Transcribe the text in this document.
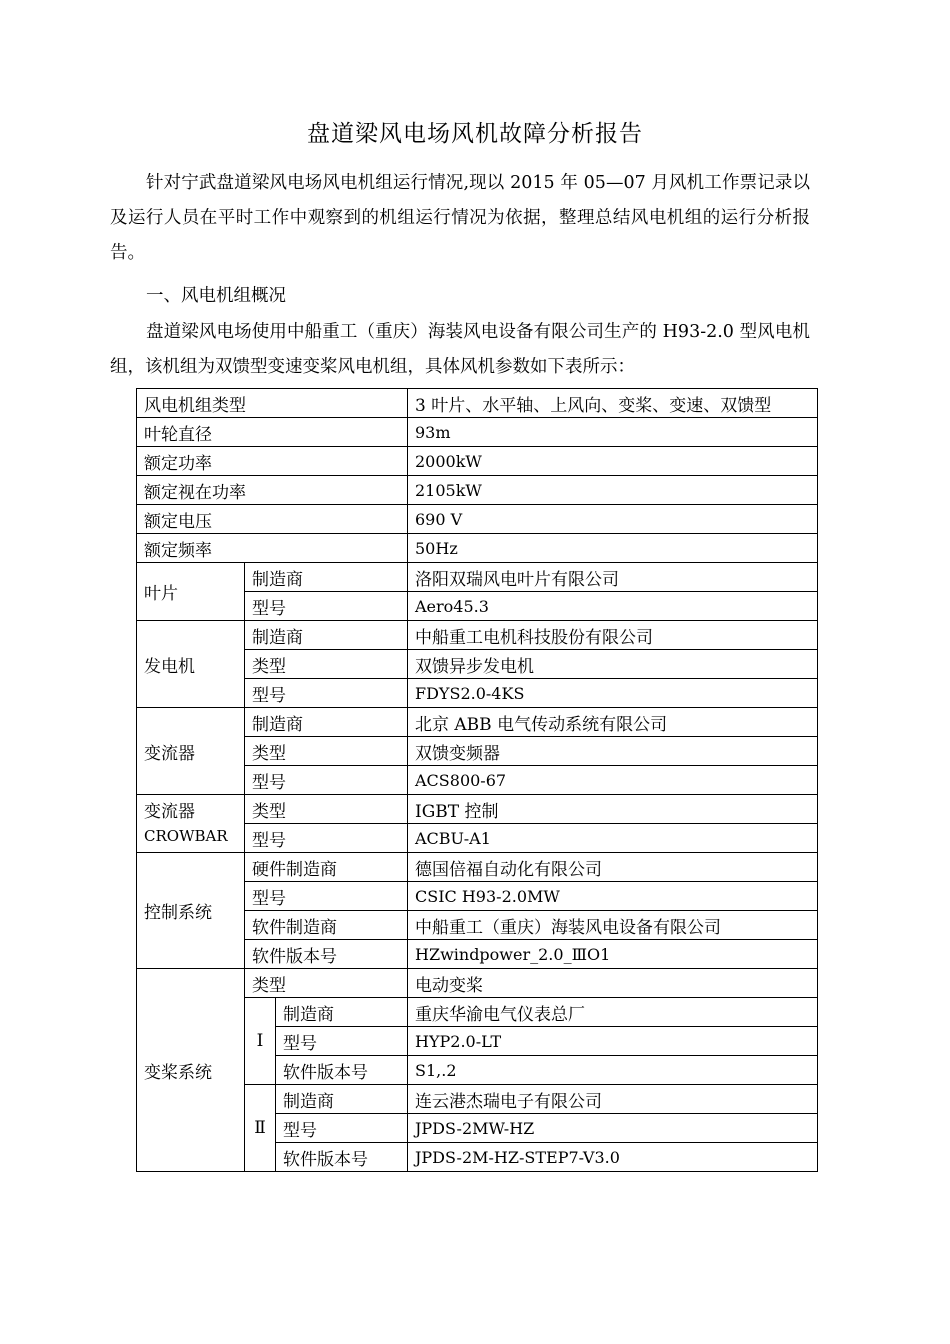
盘道梁风电场风机故障分析报告

针对宁武盘道梁风电场风电机组运行情况,现以 2015 年 05—07 月风机工作票记录以及运行人员在平时工作中观察到的机组运行情况为依据，整理总结风电机组的运行分析报告。

一、风电机组概况

盘道梁风电场使用中船重工（重庆）海装风电设备有限公司生产的 H93-2.0 型风电机组，该机组为双馈型变速变桨风电机组，具体风机参数如下表所示：

风电机组类型			3 叶片、水平轴、上风向、变桨、变速、双馈型
叶轮直径			93m
额定功率			2000kW
额定视在功率			2105kW
额定电压			690 V
额定频率			50Hz
叶片	制造商		洛阳双瑞风电叶片有限公司
	型号		Aero45.3
发电机	制造商		中船重工电机科技股份有限公司
	类型		双馈异步发电机
	型号		FDYS2.0-4KS
变流器	制造商		北京 ABB 电气传动系统有限公司
	类型		双馈变频器
	型号		ACS800-67
变流器
CROWBAR	类型		IGBT 控制
	型号		ACBU-A1
控制系统	硬件制造商		德国倍福自动化有限公司
	型号		CSIC H93-2.0MW
	软件制造商		中船重工（重庆）海装风电设备有限公司
	软件版本号		HZwindpower_2.0_ⅢO1
变桨系统	类型		电动变桨
	Ⅰ	制造商	重庆华渝电气仪表总厂
		型号	HYP2.0-LT
		软件版本号	S1,.2
	Ⅱ	制造商	连云港杰瑞电子有限公司
		型号	JPDS-2MW-HZ
		软件版本号	JPDS-2M-HZ-STEP7-V3.0
